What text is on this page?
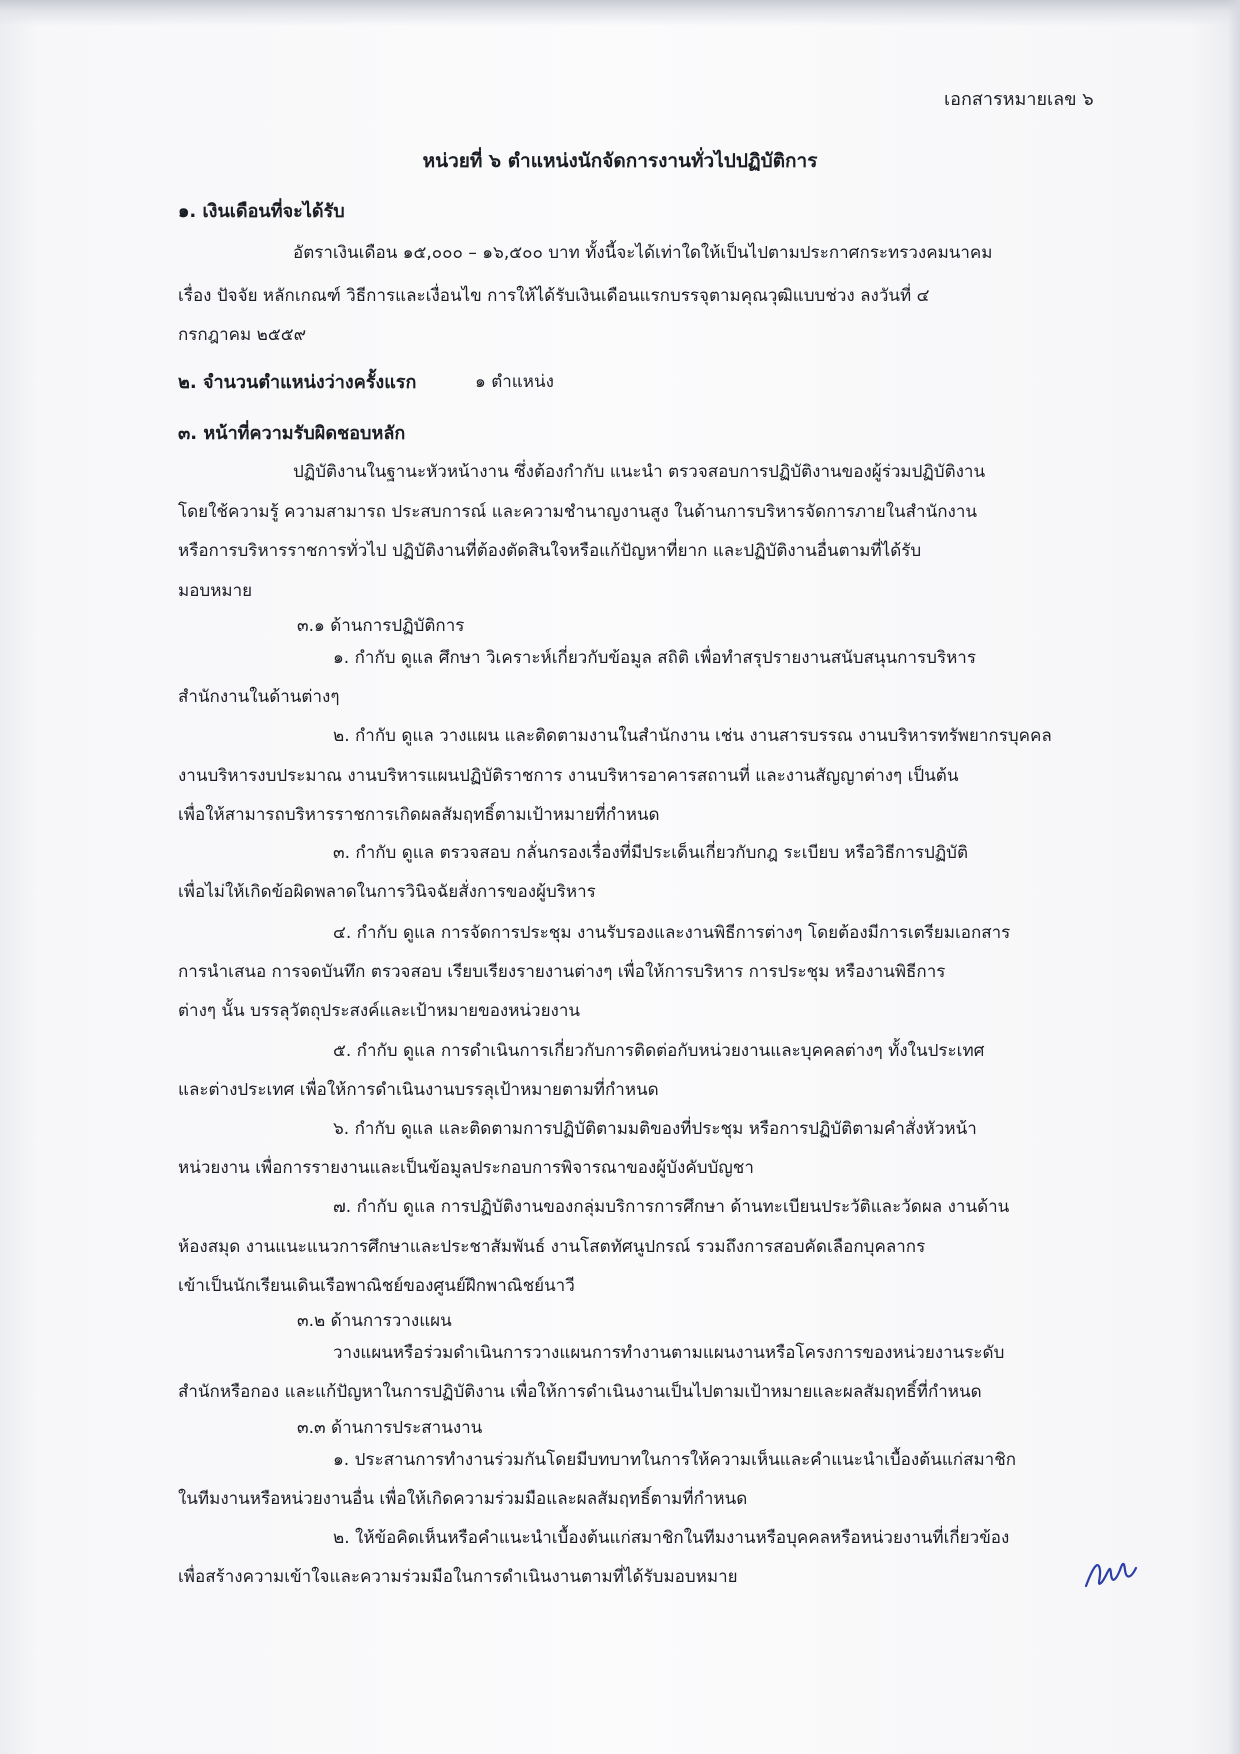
เอกสารหมายเลข ๖
หน่วยที่ ๖ ตำแหน่งนักจัดการงานทั่วไปปฏิบัติการ
๑. เงินเดือนที่จะได้รับ
อัตราเงินเดือน ๑๕,๐๐๐ – ๑๖,๕๐๐ บาท ทั้งนี้จะได้เท่าใดให้เป็นไปตามประกาศกระทรวงคมนาคม
เรื่อง ปัจจัย หลักเกณฑ์ วิธีการและเงื่อนไข การให้ได้รับเงินเดือนแรกบรรจุตามคุณวุฒิแบบช่วง ลงวันที่ ๔
กรกฎาคม ๒๕๕๙
๒. จำนวนตำแหน่งว่างครั้งแรก	๑ ตำแหน่ง
๓. หน้าที่ความรับผิดชอบหลัก
ปฏิบัติงานในฐานะหัวหน้างาน ซึ่งต้องกำกับ แนะนำ ตรวจสอบการปฏิบัติงานของผู้ร่วมปฏิบัติงาน
โดยใช้ความรู้ ความสามารถ ประสบการณ์ และความชำนาญงานสูง ในด้านการบริหารจัดการภายในสำนักงาน
หรือการบริหารราชการทั่วไป ปฏิบัติงานที่ต้องตัดสินใจหรือแก้ปัญหาที่ยาก และปฏิบัติงานอื่นตามที่ได้รับ
มอบหมาย
๓.๑ ด้านการปฏิบัติการ
๑. กำกับ ดูแล ศึกษา วิเคราะห์เกี่ยวกับข้อมูล สถิติ เพื่อทำสรุปรายงานสนับสนุนการบริหาร
สำนักงานในด้านต่างๆ
๒. กำกับ ดูแล วางแผน และติดตามงานในสำนักงาน เช่น งานสารบรรณ งานบริหารทรัพยากรบุคคล
งานบริหารงบประมาณ งานบริหารแผนปฏิบัติราชการ งานบริหารอาคารสถานที่ และงานสัญญาต่างๆ เป็นต้น
เพื่อให้สามารถบริหารราชการเกิดผลสัมฤทธิ์ตามเป้าหมายที่กำหนด
๓. กำกับ ดูแล ตรวจสอบ กลั่นกรองเรื่องที่มีประเด็นเกี่ยวกับกฎ ระเบียบ หรือวิธีการปฏิบัติ
เพื่อไม่ให้เกิดข้อผิดพลาดในการวินิจฉัยสั่งการของผู้บริหาร
๔. กำกับ ดูแล การจัดการประชุม งานรับรองและงานพิธีการต่างๆ โดยต้องมีการเตรียมเอกสาร
การนำเสนอ การจดบันทึก ตรวจสอบ เรียบเรียงรายงานต่างๆ เพื่อให้การบริหาร การประชุม หรืองานพิธีการ
ต่างๆ นั้น บรรลุวัตถุประสงค์และเป้าหมายของหน่วยงาน
๕. กำกับ ดูแล การดำเนินการเกี่ยวกับการติดต่อกับหน่วยงานและบุคคลต่างๆ ทั้งในประเทศ
และต่างประเทศ เพื่อให้การดำเนินงานบรรลุเป้าหมายตามที่กำหนด
๖. กำกับ ดูแล และติดตามการปฏิบัติตามมติของที่ประชุม หรือการปฏิบัติตามคำสั่งหัวหน้า
หน่วยงาน เพื่อการรายงานและเป็นข้อมูลประกอบการพิจารณาของผู้บังคับบัญชา
๗. กำกับ ดูแล การปฏิบัติงานของกลุ่มบริการการศึกษา ด้านทะเบียนประวัติและวัดผล งานด้าน
ห้องสมุด งานแนะแนวการศึกษาและประชาสัมพันธ์ งานโสตทัศนูปกรณ์ รวมถึงการสอบคัดเลือกบุคลากร
เข้าเป็นนักเรียนเดินเรือพาณิชย์ของศูนย์ฝึกพาณิชย์นาวี
๓.๒ ด้านการวางแผน
วางแผนหรือร่วมดำเนินการวางแผนการทำงานตามแผนงานหรือโครงการของหน่วยงานระดับ
สำนักหรือกอง และแก้ปัญหาในการปฏิบัติงาน เพื่อให้การดำเนินงานเป็นไปตามเป้าหมายและผลสัมฤทธิ์ที่กำหนด
๓.๓ ด้านการประสานงาน
๑. ประสานการทำงานร่วมกันโดยมีบทบาทในการให้ความเห็นและคำแนะนำเบื้องต้นแก่สมาชิก
ในทีมงานหรือหน่วยงานอื่น เพื่อให้เกิดความร่วมมือและผลสัมฤทธิ์ตามที่กำหนด
๒. ให้ข้อคิดเห็นหรือคำแนะนำเบื้องต้นแก่สมาชิกในทีมงานหรือบุคคลหรือหน่วยงานที่เกี่ยวข้อง
เพื่อสร้างความเข้าใจและความร่วมมือในการดำเนินงานตามที่ได้รับมอบหมาย
